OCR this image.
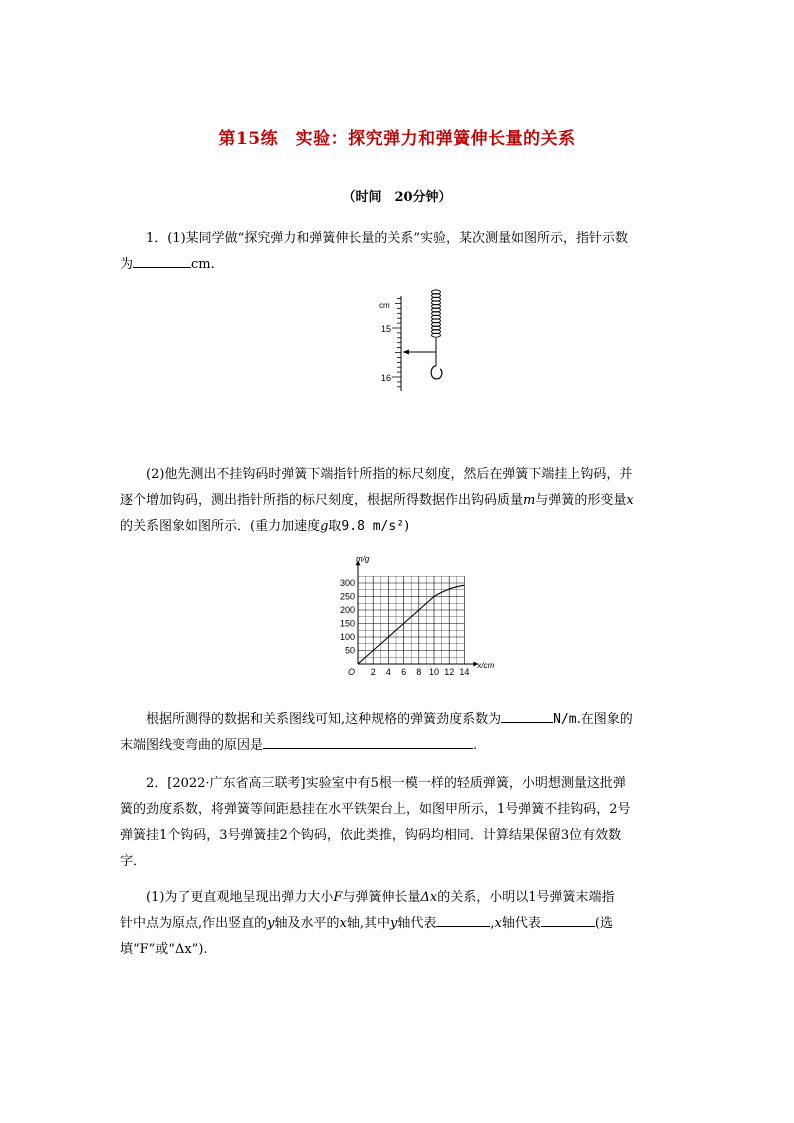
第15练　实验：探究弹力和弹簧伸长量的关系
（时间　20分钟）
1．(1)某同学做“探究弹力和弹簧伸长量的关系”实验，某次测量如图所示，指针示数
为	cm.
cm
15
16
(2)他先测出不挂钩码时弹簧下端指针所指的标尺刻度，然后在弹簧下端挂上钩码，并
逐个增加钩码，测出指针所指的标尺刻度，根据所得数据作出钩码质量m与弹簧的形变量x
的关系图象如图所示．(重力加速度g取9.8 m/s²)
2 4 6 8 10 12 14
50
100
150
200
250
300
x/cm
m/g
O
根据所测得的数据和关系图线可知,这种规格的弹簧劲度系数为	N/m.在图象的
末端图线变弯曲的原因是	.
2．[2022·广东省高三联考]实验室中有5根一模一样的轻质弹簧，小明想测量这批弹
簧的劲度系数，将弹簧等间距悬挂在水平铁架台上，如图甲所示，1号弹簧不挂钩码，2号
弹簧挂1个钩码，3号弹簧挂2个钩码，依此类推，钩码均相同．计算结果保留3位有效数
字．
(1)为了更直观地呈现出弹力大小F与弹簧伸长量Δx的关系，小明以1号弹簧末端指
针中点为原点,作出竖直的y轴及水平的x轴,其中y轴代表	,x轴代表	(选
填“F”或“Δx”).
